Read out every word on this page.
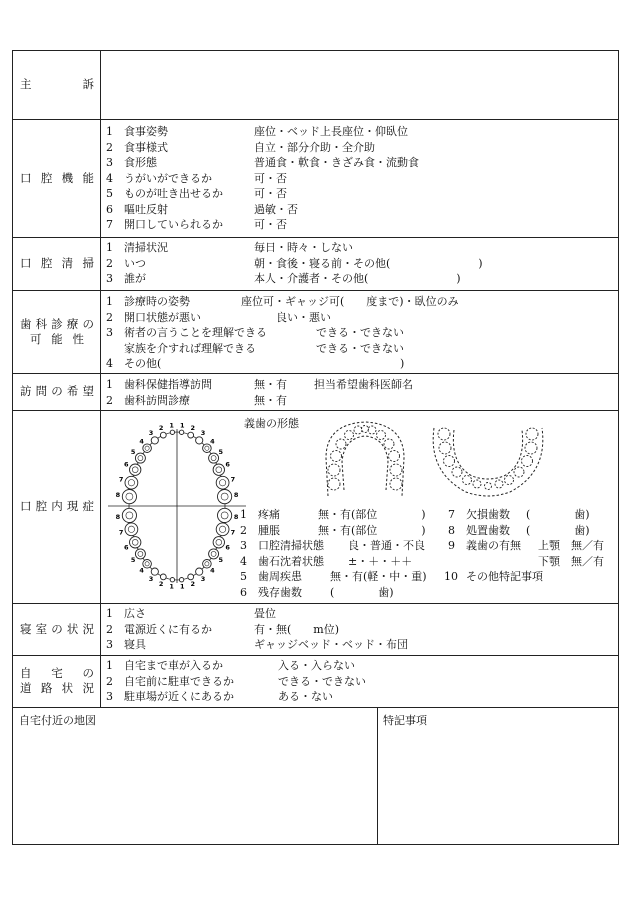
主	訴
口 腔 機 能
1 食事姿勢	座位・ベッド上長座位・仰臥位
2 食事様式	自立・部分介助・全介助
3 食形態	普通食・軟食・きざみ食・流動食
4 うがいができるか	可・否
5 ものが吐き出せるか	可・否
6 嘔吐反射	過敏・否
7 開口していられるか	可・否
口 腔 清 掃
1 清掃状況	毎日・時々・しない
2 いつ	朝・食後・寝る前・その他(　　　　　　　　)
3 誰が	本人・介護者・その他(　　　　　　　　)
歯 科 診 療 の
可 能 性
1 診療時の姿勢	座位可・ギャッジ可(　　度まで)・臥位のみ
2 開口状態が悪い	良い・悪い
3 術者の言うことを理解できる	できる・できない
家族を介すれば理解できる	できる・できない
4 その他(	)
訪 問 の 希 望 1 歯科保健指導訪問	無・有 担当希望歯科医師名
2 歯科訪問診療	無・有
口 腔 内 現 症
8
7
6
5
4
3
2 1 1 2
3
4
5
6
7
8
8
7
6
5
4
3
2 1 1 2
3
4
5
6
7
8
義歯の形態
1 疼痛	無・有(部位　　　　)
2 腫脹	無・有(部位　　　　)
3 口腔清掃状態 良・普通・不良
4 歯石沈着状態 ±・＋・＋＋
5 歯周疾患	無・有(軽・中・重)
6 残存歯数	(　　　　歯)
7 欠損歯数 (　　　　歯)
8 処置歯数 (　　　　歯)
9 義歯の有無 上顎　無／有
下顎　無／有
10 その他特記事項
寝 室 の 状 況
1 広さ	畳位
2 電源近くに有るか	有・無(　　m位)
3 寝具	ギャッジベッド・ベッド・布団
自 宅 の
道 路 状 況
1 自宅まで車が入るか	入る・入らない
2 自宅前に駐車できるか	できる・できない
3 駐車場が近くにあるか	ある・ない
自宅付近の地図	特記事項
